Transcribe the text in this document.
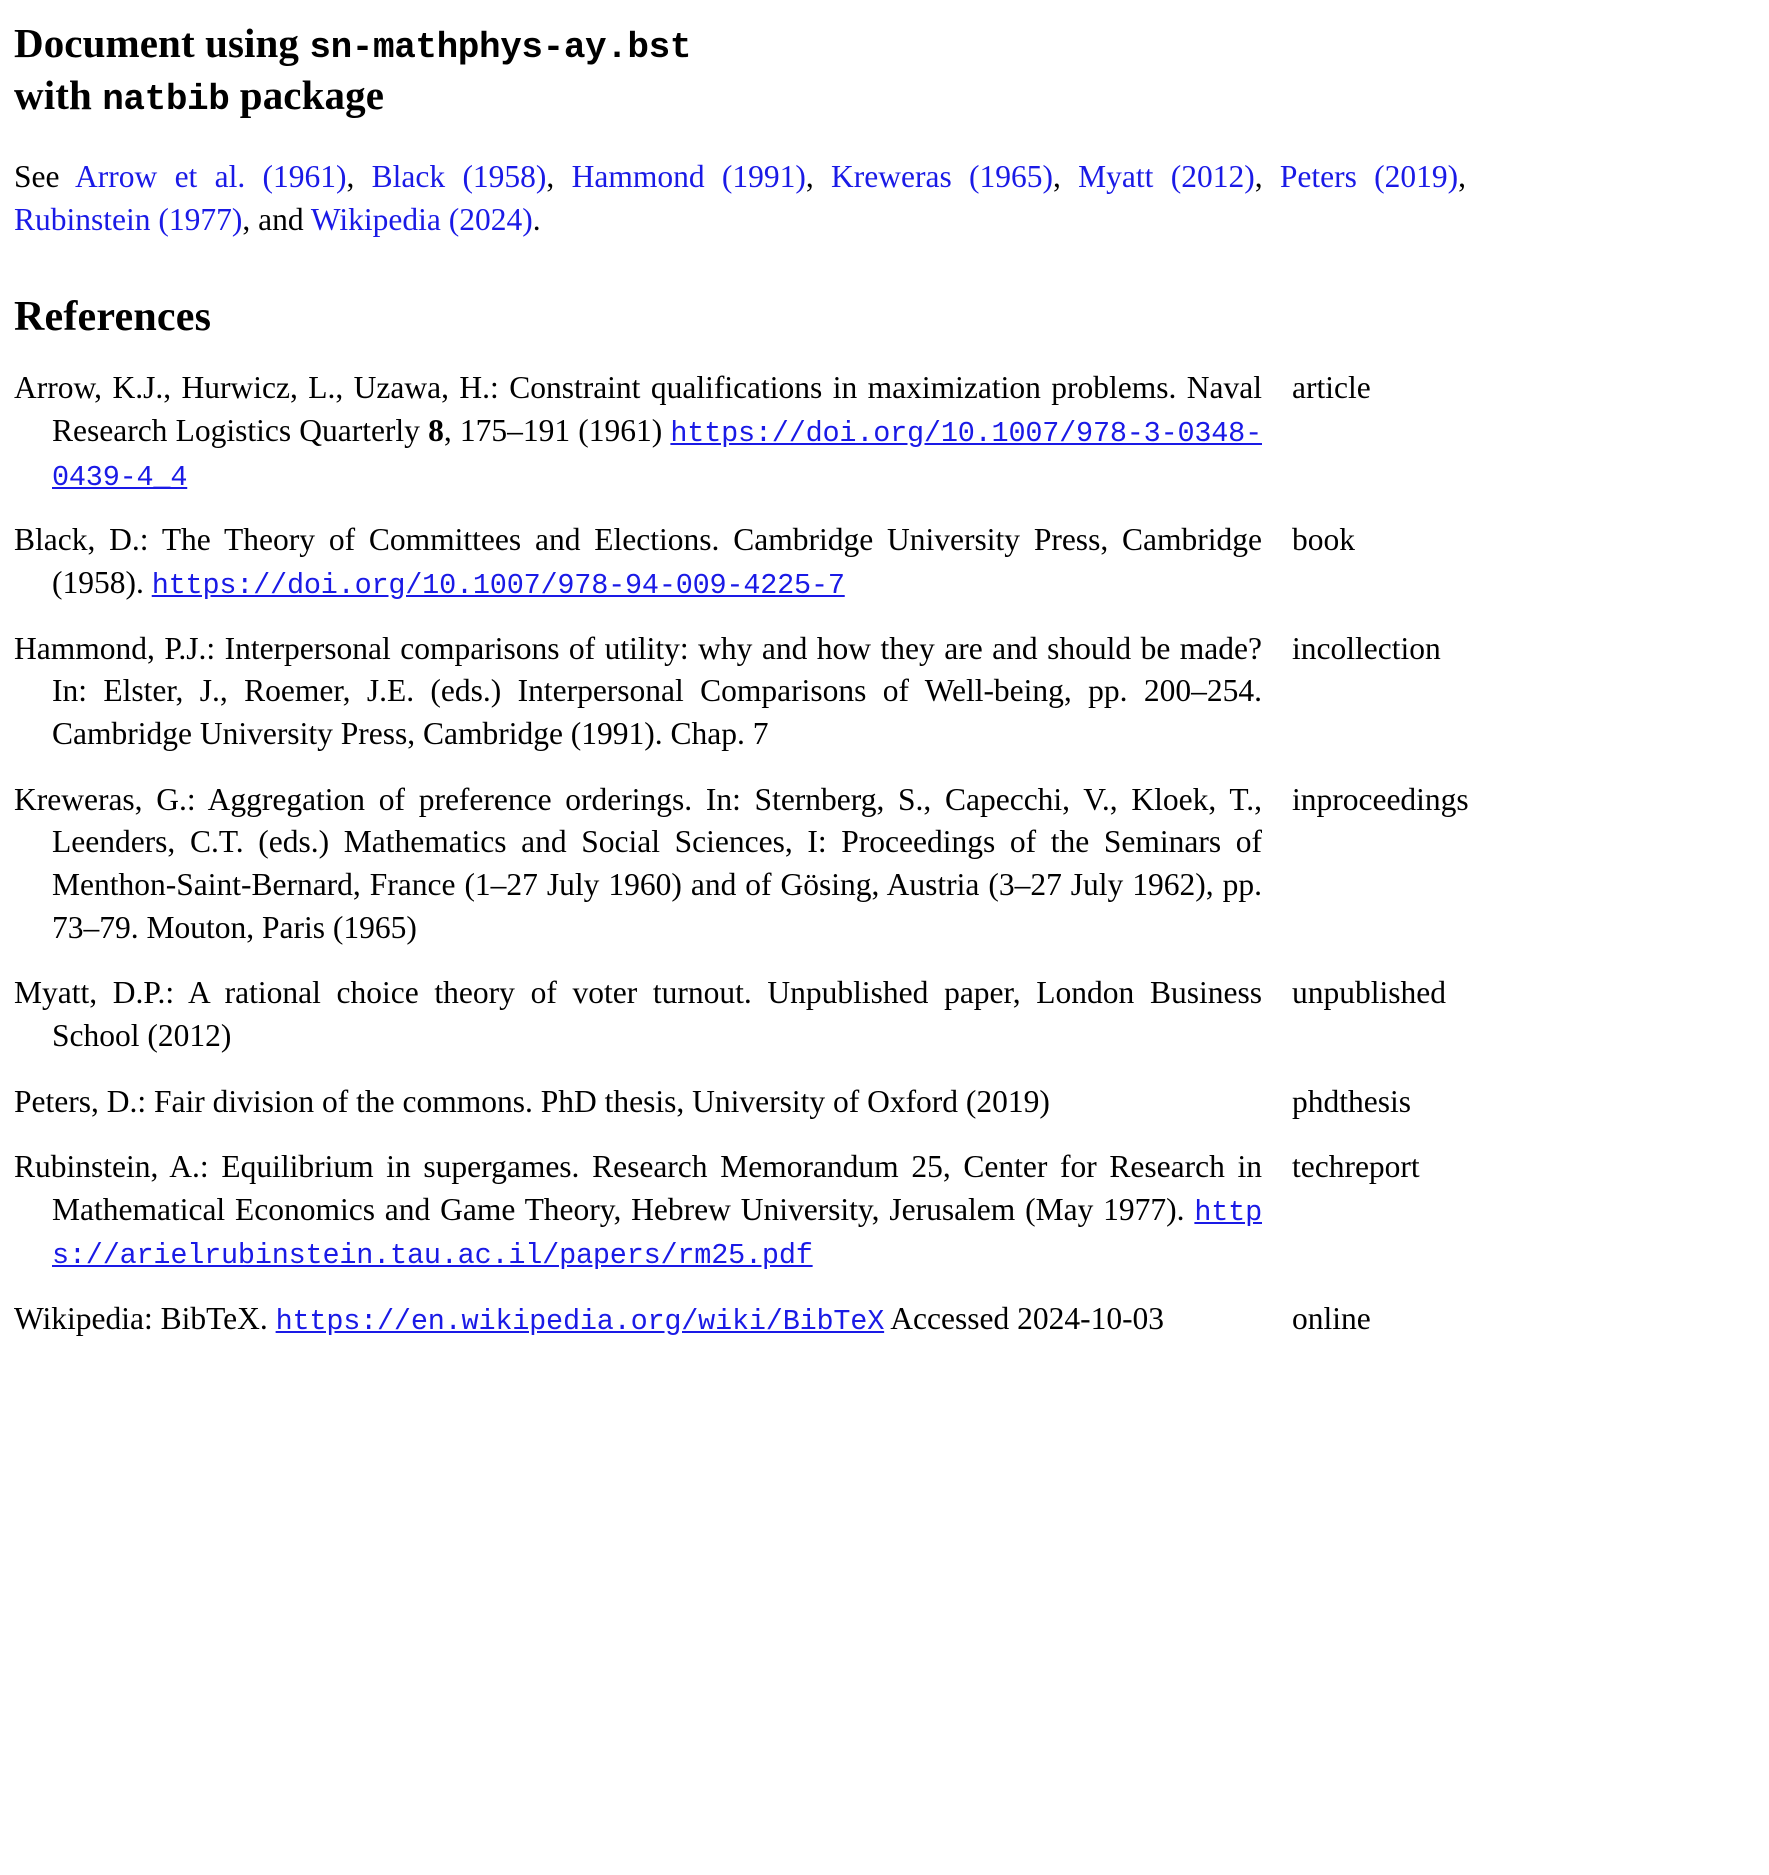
Document using sn-mathphys-ay.bst
with natbib package

See Arrow et al. (1961), Black (1958), Hammond (1991), Kreweras (1965), Myatt (2012), Peters (2019), Rubinstein (1977), and Wikipedia (2024).

References
Arrow, K.J., Hurwicz, L., Uzawa, H.: Constraint qualifications in maximization problems. Naval Research Logistics Quarterly 8, 175–191 (1961) https://doi.org/10.1007/978-3-0348-0439-4_4
article
Black, D.: The Theory of Committees and Elections. Cambridge University Press, Cambridge (1958). https://doi.org/10.1007/978-94-009-4225-7
book
Hammond, P.J.: Interpersonal comparisons of utility: why and how they are and should be made? In: Elster, J., Roemer, J.E. (eds.) Interpersonal Comparisons of Well-being, pp. 200–254. Cambridge University Press, Cambridge (1991). Chap. 7
incollection
Kreweras, G.: Aggregation of preference orderings. In: Sternberg, S., Capecchi, V., Kloek, T., Leenders, C.T. (eds.) Mathematics and Social Sciences, I: Proceedings of the Seminars of Menthon-Saint-Bernard, France (1–27 July 1960) and of Gösing, Austria (3–27 July 1962), pp. 73–79. Mouton, Paris (1965)
inproceedings
Myatt, D.P.: A rational choice theory of voter turnout. Unpublished paper, London Business School (2012)
unpublished
Peters, D.: Fair division of the commons. PhD thesis, University of Oxford (2019)	phdthesis
Rubinstein, A.: Equilibrium in supergames. Research Memorandum 25, Center for Research in Mathematical Economics and Game Theory, Hebrew University, Jerusalem (May 1977). https://arielrubinstein.tau.ac.il/papers/rm25.pdf
techreport
Wikipedia: BibTeX. https://en.wikipedia.org/wiki/BibTeX Accessed 2024-10-03	online
